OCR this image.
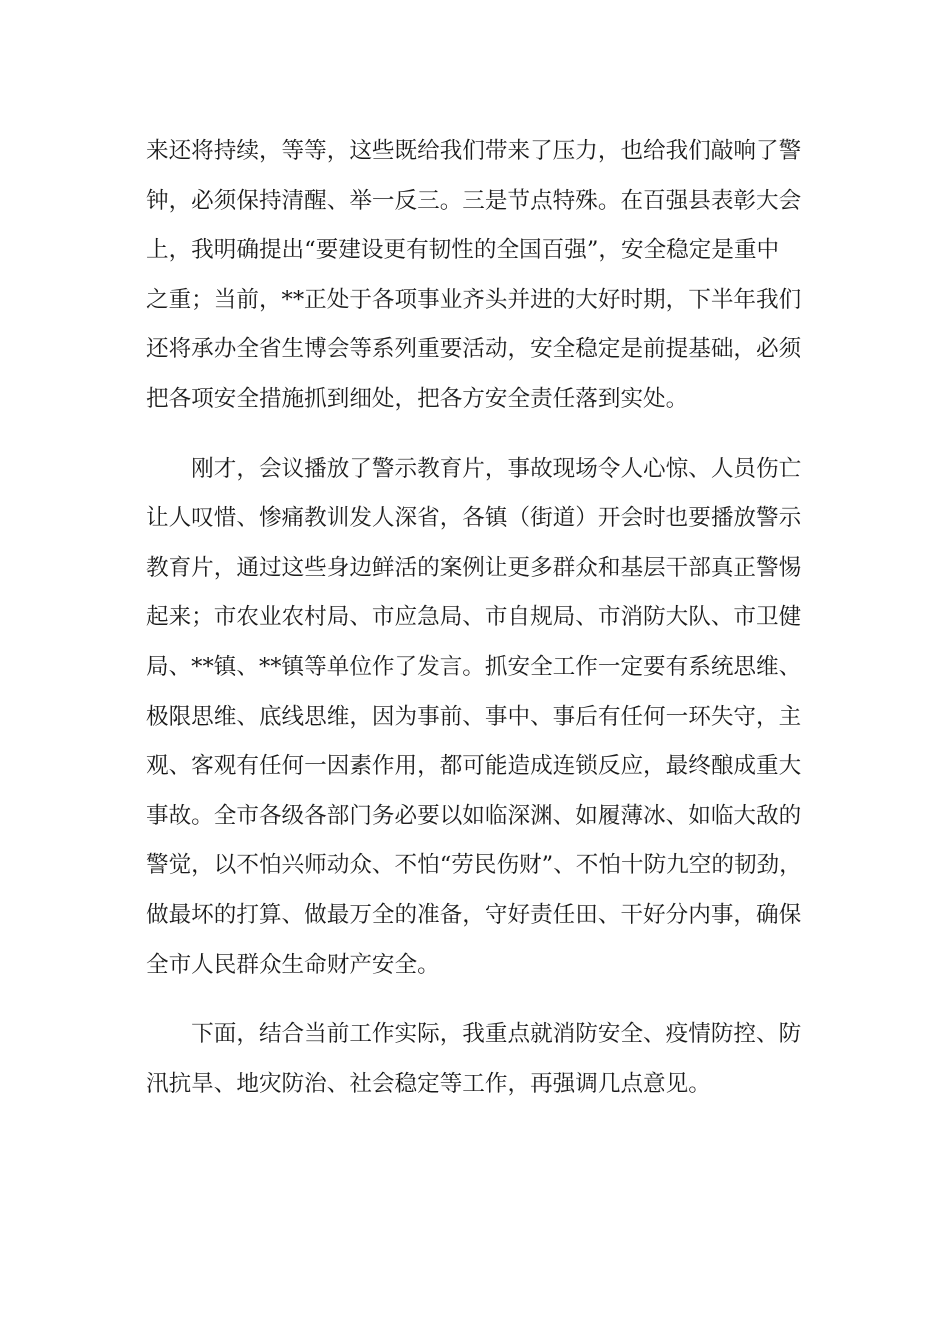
来还将持续，等等，这些既给我们带来了压力，也给我们敲响了警
钟，必须保持清醒、举一反三。三是节点特殊。在百强县表彰大会
上，我明确提出“要建设更有韧性的全国百强”，安全稳定是重中
之重；当前，**正处于各项事业齐头并进的大好时期，下半年我们
还将承办全省生博会等系列重要活动，安全稳定是前提基础，必须
把各项安全措施抓到细处，把各方安全责任落到实处。

　　刚才，会议播放了警示教育片，事故现场令人心惊、人员伤亡
让人叹惜、惨痛教训发人深省，各镇（街道）开会时也要播放警示
教育片，通过这些身边鲜活的案例让更多群众和基层干部真正警惕
起来；市农业农村局、市应急局、市自规局、市消防大队、市卫健
局、**镇、**镇等单位作了发言。抓安全工作一定要有系统思维、
极限思维、底线思维，因为事前、事中、事后有任何一环失守，主
观、客观有任何一因素作用，都可能造成连锁反应，最终酿成重大
事故。全市各级各部门务必要以如临深渊、如履薄冰、如临大敌的
警觉，以不怕兴师动众、不怕“劳民伤财”、不怕十防九空的韧劲，
做最坏的打算、做最万全的准备，守好责任田、干好分内事，确保
全市人民群众生命财产安全。

　　下面，结合当前工作实际，我重点就消防安全、疫情防控、防
汛抗旱、地灾防治、社会稳定等工作，再强调几点意见。
